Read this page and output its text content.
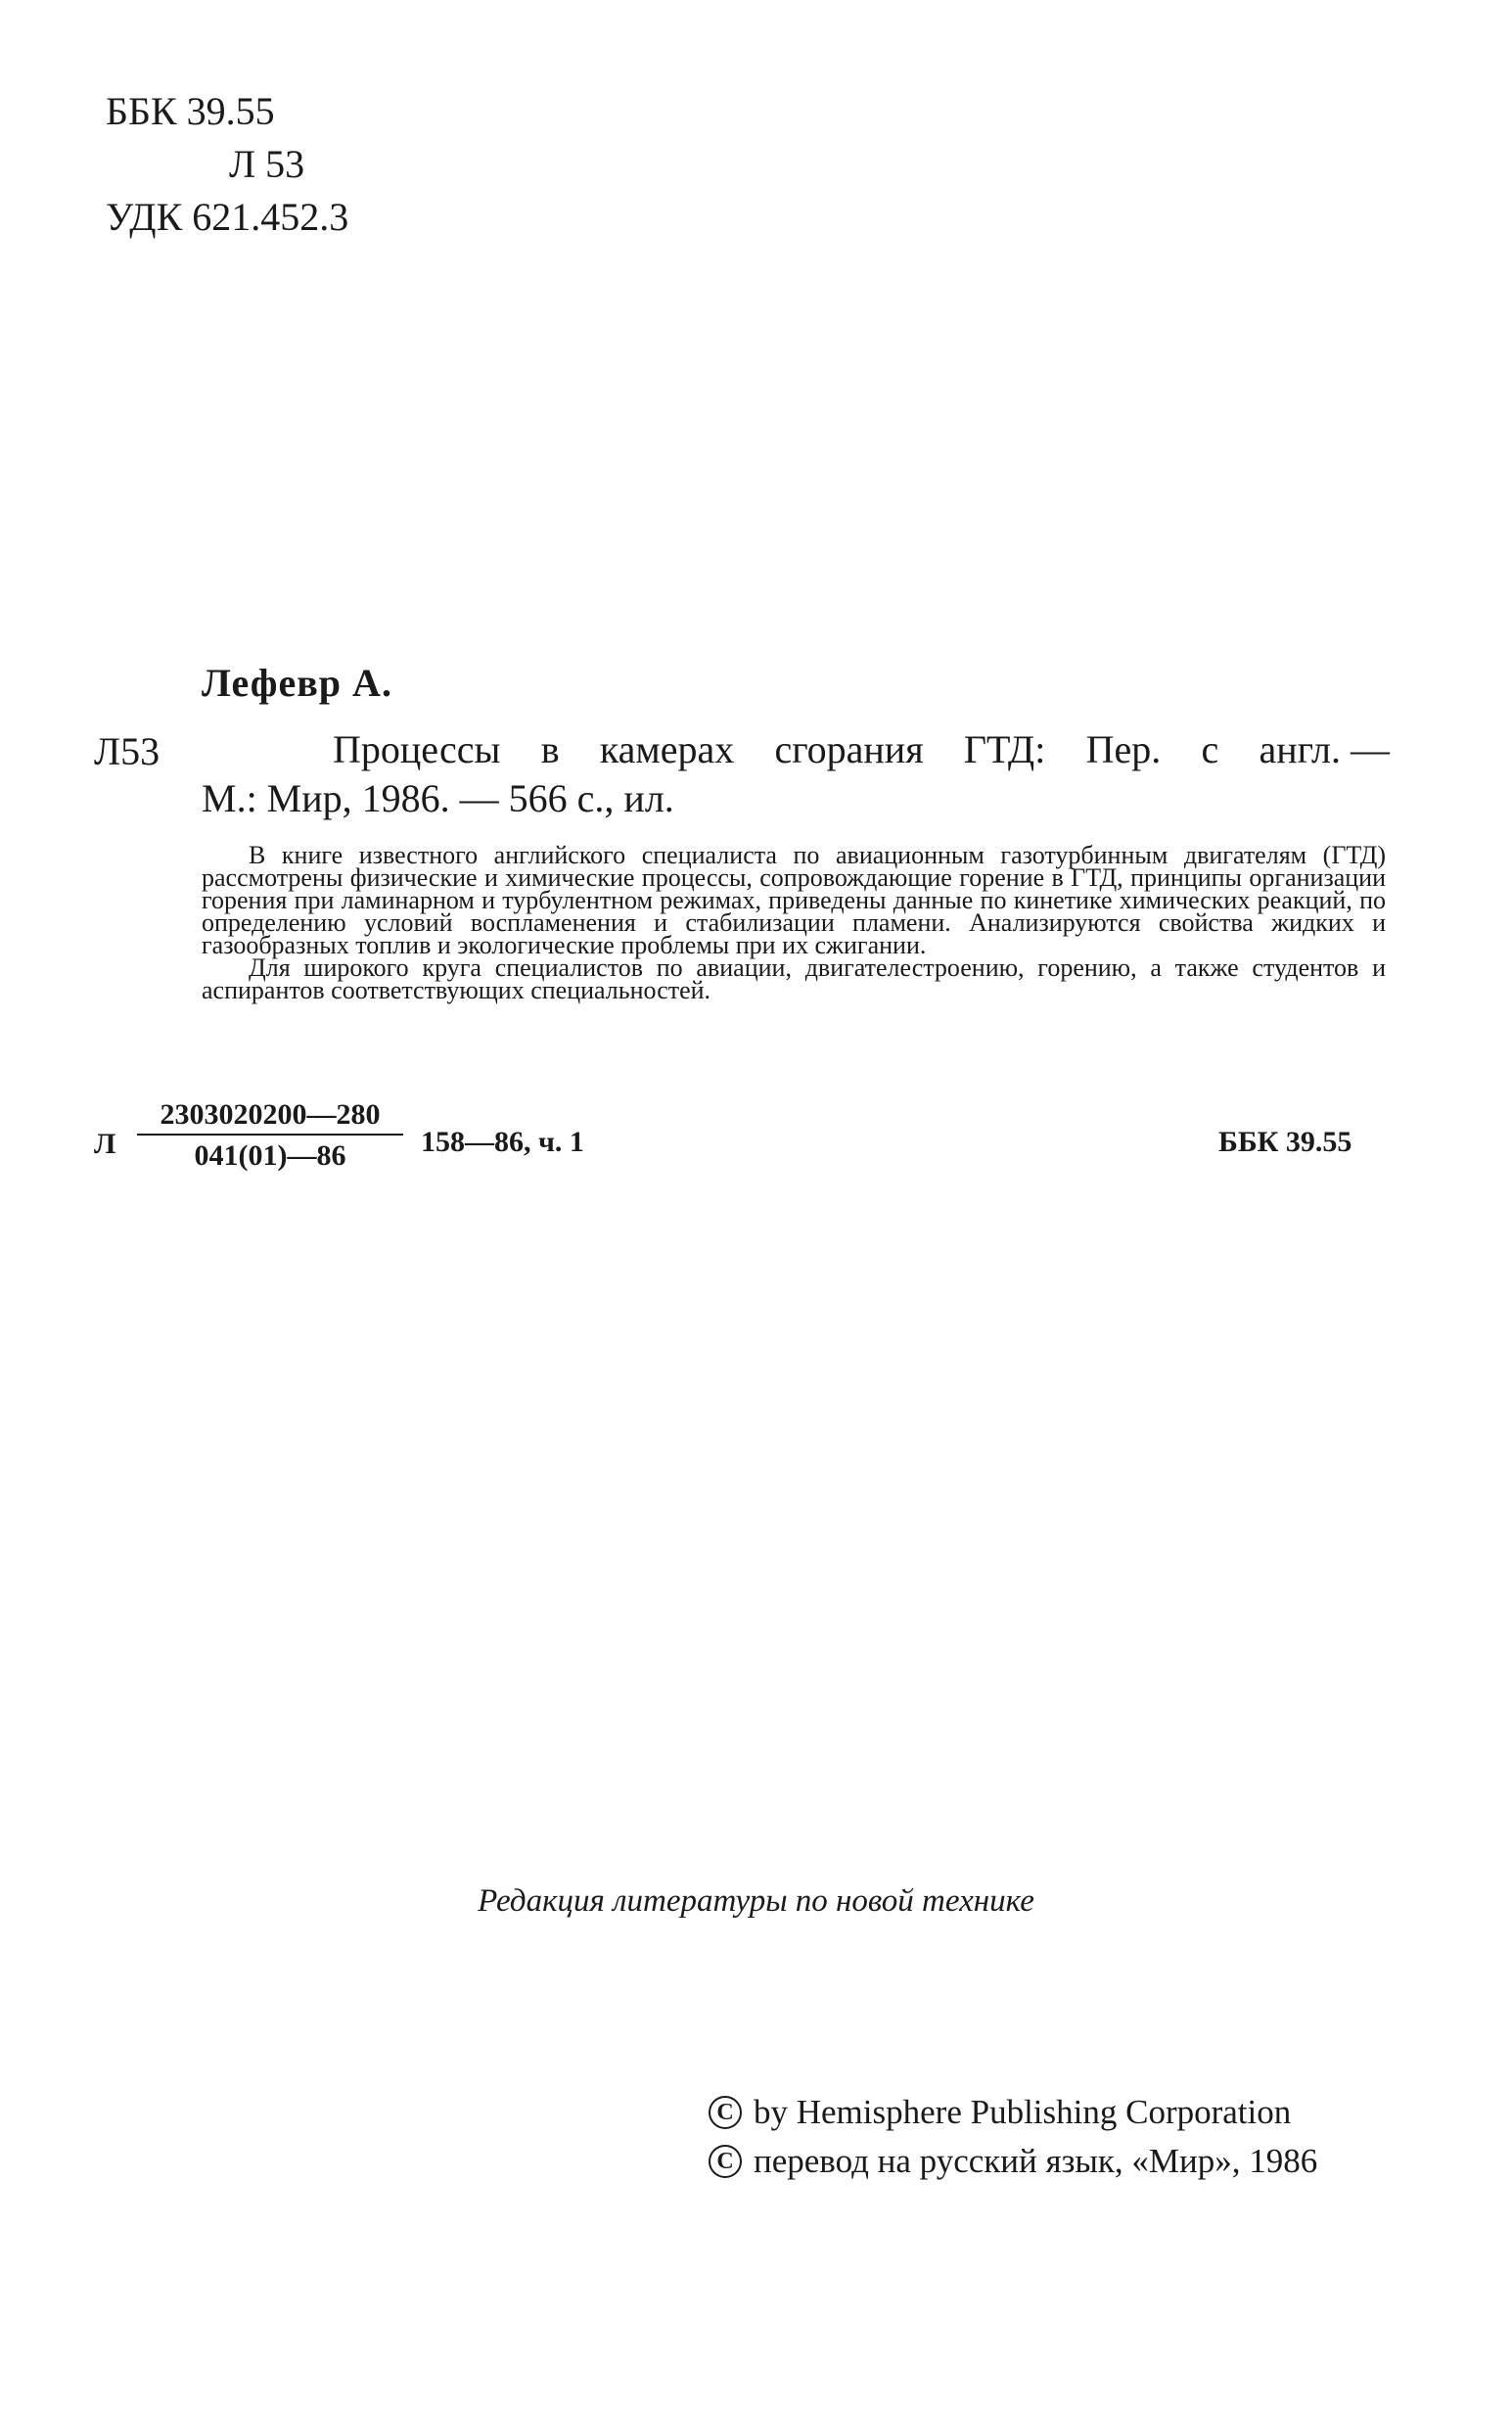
ББК 39.55
Л 53
УДК 621.452.3
Лефевр А.
Л53	Процессы в камерах сгорания ГТД: Пер. с англ. —
М.: Мир, 1986. — 566 с., ил.

В книге известного английского специалиста по авиационным газотурбинным двигателям (ГТД) рассмотрены физические и химические процессы, сопровождающие горение в ГТД, принципы организации горения при ламинарном и турбулентном режимах, приведены данные по кинетике химических реакций, по определению условий воспламенения и стабилизации пламени. Анализируются свойства жидких и газообразных топлив и экологические проблемы при их сжигании.

Для широкого круга специалистов по авиации, двигателестроению, горению, а также студентов и аспирантов соответствующих специальностей.

Л
2303020200—280
041(01)—86	158—86, ч. 1	ББК 39.55
Редакция литературы по новой технике
C by Hemisphere Publishing Corporation
C перевод на русский язык, «Мир», 1986
